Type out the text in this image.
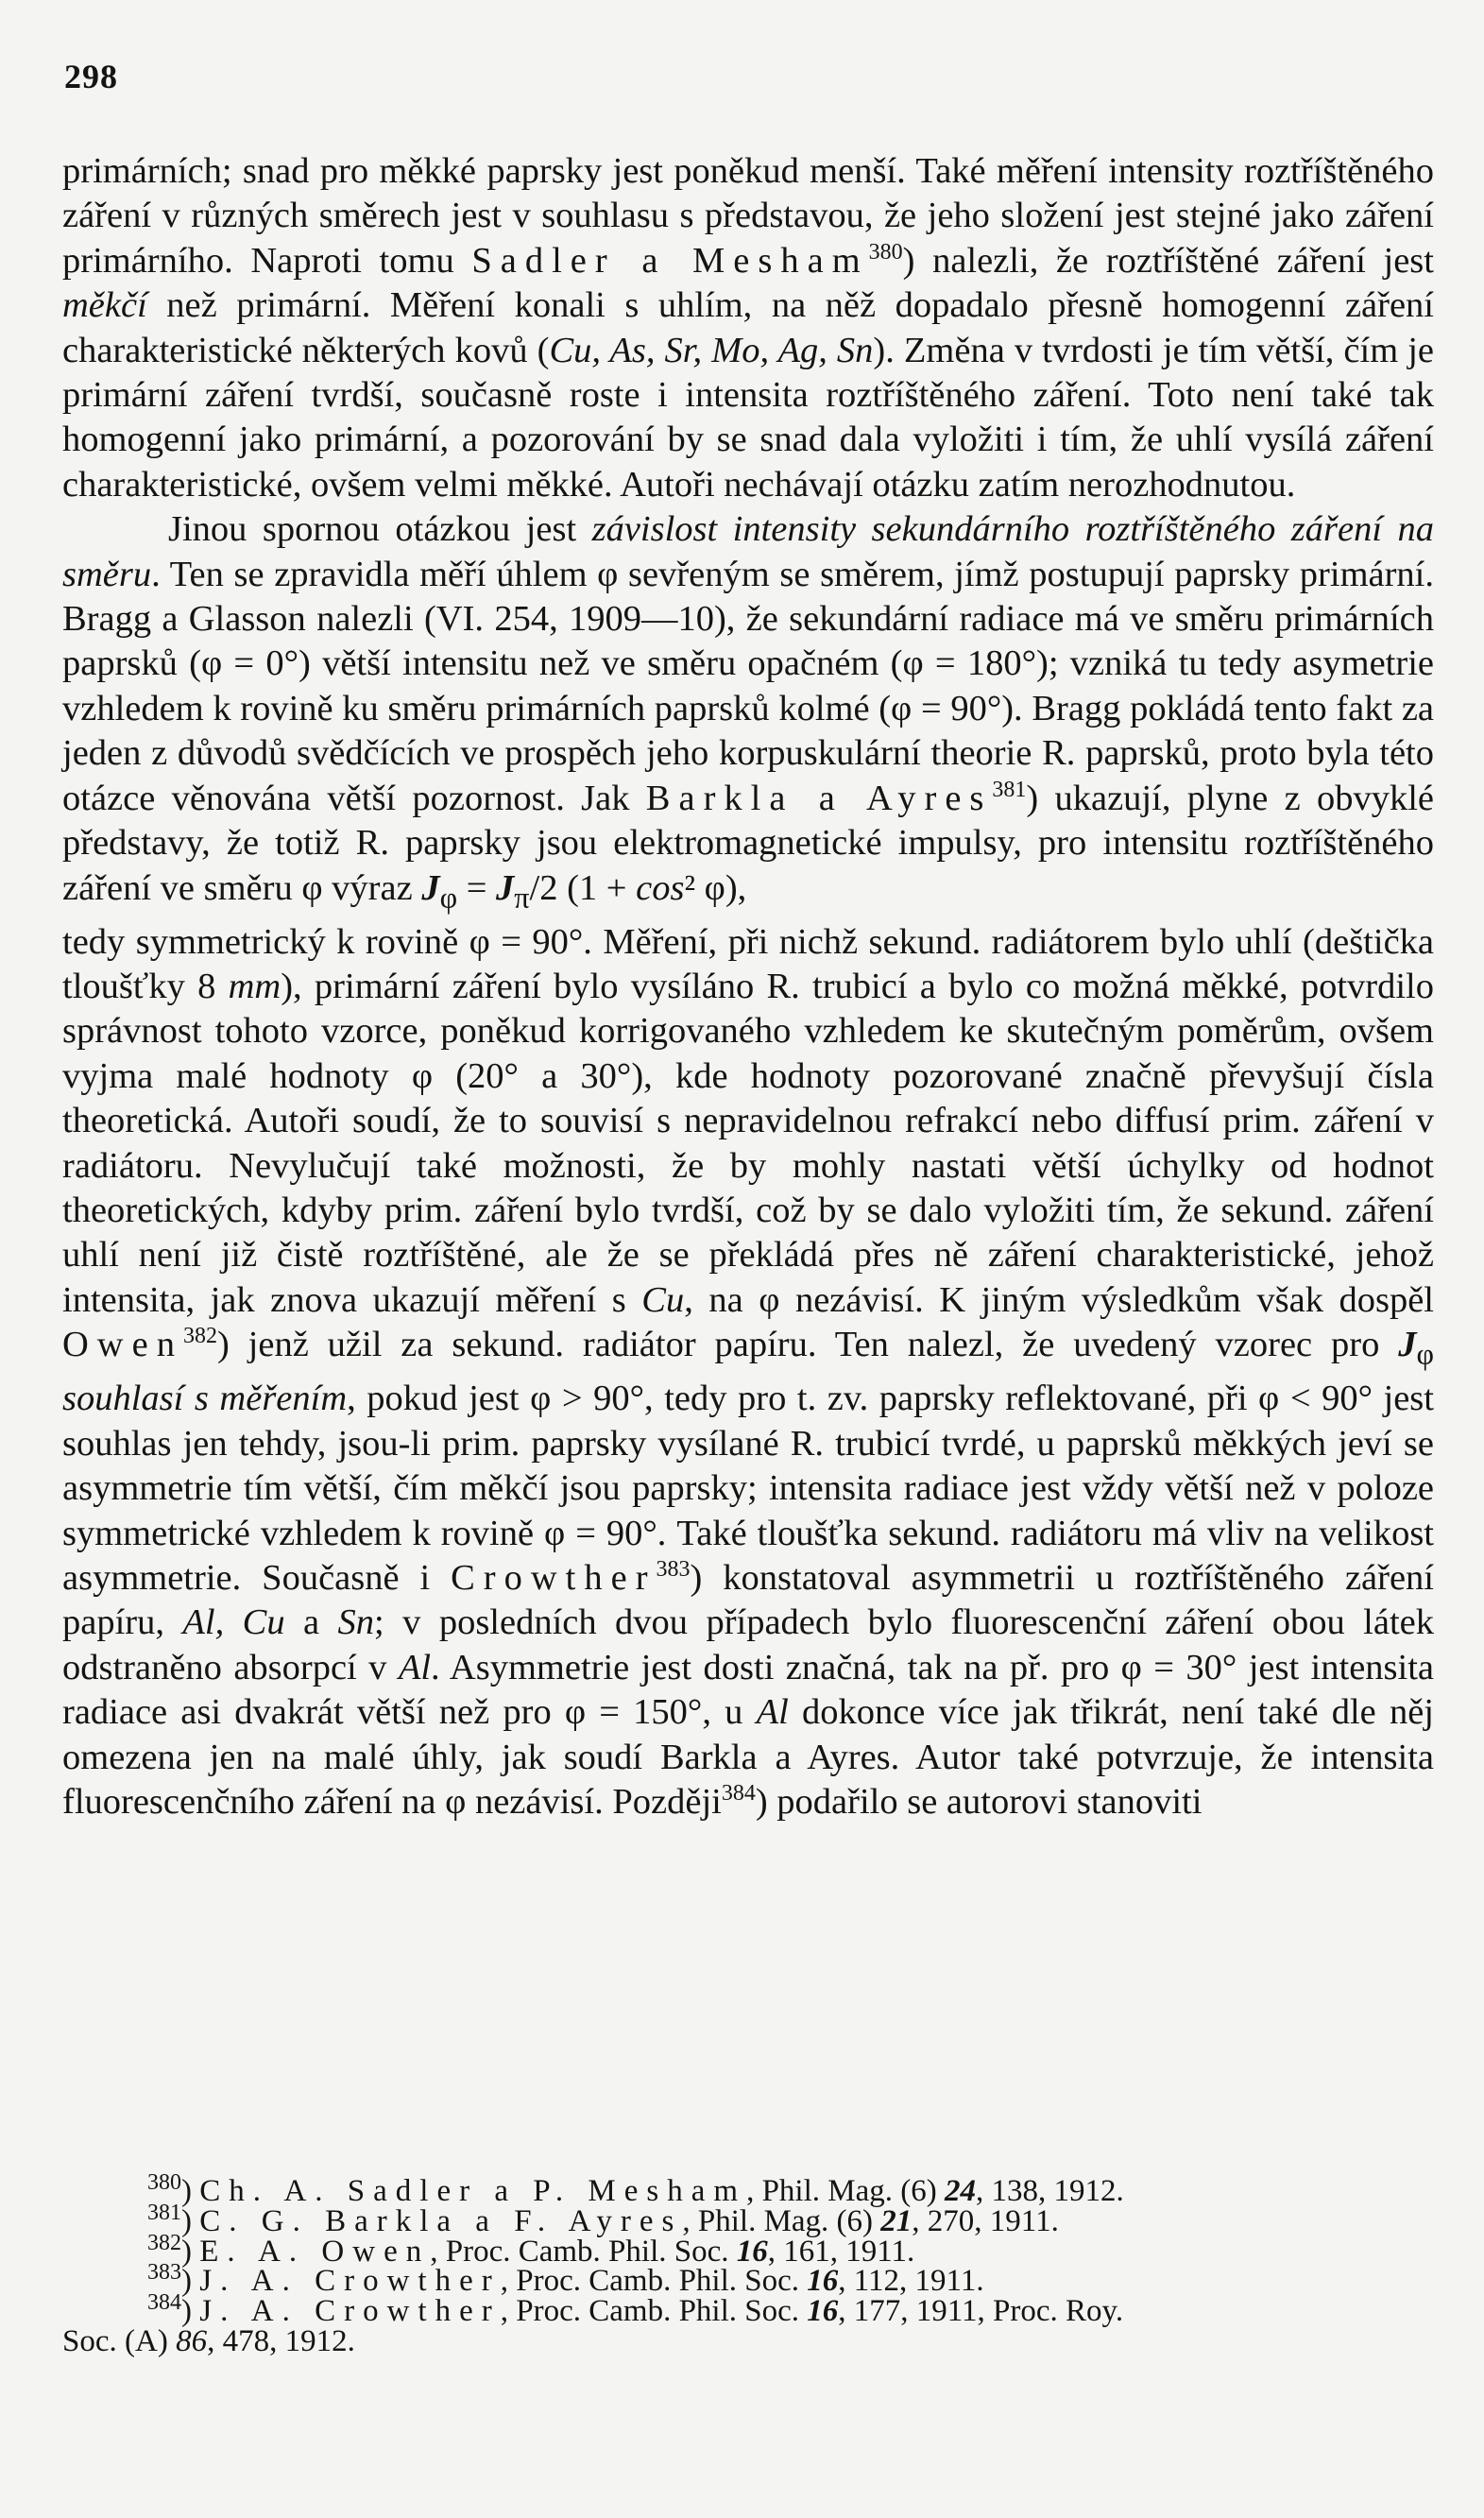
298

primárních; snad pro měkké paprsky jest poněkud menší. Také měření intensity roztříštěného záření v různých směrech jest v souhlasu s představou, že jeho složení jest stejné jako záření primárního. Naproti tomu Sadler a Mesham$^{380}$) nalezli, že roztříštěné záření jest měkčí než primární. Měření konali s uhlím, na něž dopadalo přesně homogenní záření charakteristické některých kovů (Cu, As, Sr, Mo, Ag, Sn). Změna v tvrdosti je tím větší, čím je primární záření tvrdší, současně roste i intensita roztříštěného záření. Toto není také tak homogenní jako primární, a pozorování by se snad dala vyložiti i tím, že uhlí vysílá záření charakteristické, ovšem velmi měkké. Autoři nechávají otázku zatím nerozhodnutou.

Jinou spornou otázkou jest závislost intensity sekundárního roztříštěného záření na směru. Ten se zpravidla měří úhlem φ sevřeným se směrem, jímž postupují paprsky primární. Bragg a Glasson nalezli (VI. 254, 1909—10), že sekundární radiace má ve směru primárních paprsků (φ = 0°) větší intensitu než ve směru opačném (φ = 180°); vzniká tu tedy asymetrie vzhledem k rovině ku směru primárních paprsků kolmé (φ = 90°). Bragg pokládá tento fakt za jeden z důvodů svědčících ve prospěch jeho korpuskulární theorie R. paprsků, proto byla této otázce věnována větší pozornost. Jak Barkla a Ayres$^{381}$) ukazují, plyne z obvyklé představy, že totiž R. paprsky jsou elektromagnetické impulsy, pro intensitu roztříštěného záření ve směru φ výraz $J_\varphi = J_\pi/2$ (1 + cos² φ),

tedy symmetrický k rovině φ = 90°. Měření, při nichž sekund. radiátorem bylo uhlí (deštička tloušťky 8 mm), primární záření bylo vysíláno R. trubicí a bylo co možná měkké, potvrdilo správnost tohoto vzorce, poněkud korrigovaného vzhledem ke skutečným poměrům, ovšem vyjma malé hodnoty φ (20° a 30°), kde hodnoty pozorované značně převyšují čísla theoretická. Autoři soudí, že to souvisí s nepravidelnou refrakcí nebo diffusí prim. záření v radiátoru. Nevylučují také možnosti, že by mohly nastati větší úchylky od hodnot theoretických, kdyby prim. záření bylo tvrdší, což by se dalo vyložiti tím, že sekund. záření uhlí není již čistě roztříštěné, ale že se překládá přes ně záření charakteristické, jehož intensita, jak znova ukazují měření s Cu, na φ nezávisí. K jiným výsledkům však dospěl Owen$^{382}$) jenž užil za sekund. radiátor papíru. Ten nalezl, že uvedený vzorec pro $J_\varphi$ souhlasí s měřením, pokud jest φ > 90°, tedy pro t. zv. paprsky reflektované, při φ < 90° jest souhlas jen tehdy, jsou-li prim. paprsky vysílané R. trubicí tvrdé, u paprsků měkkých jeví se asymmetrie tím větší, čím měkčí jsou paprsky; intensita radiace jest vždy větší než v poloze symmetrické vzhledem k rovině φ = 90°. Také tloušťka sekund. radiátoru má vliv na velikost asymmetrie. Současně i Crowther$^{383}$) konstatoval asymmetrii u roztříštěného záření papíru, Al, Cu a Sn; v posledních dvou případech bylo fluorescenční záření obou látek odstraněno absorpcí v Al. Asymmetrie jest dosti značná, tak na př. pro φ = 30° jest intensita radiace asi dvakrát větší než pro φ = 150°, u Al dokonce více jak třikrát, není také dle něj omezena jen na malé úhly, jak soudí Barkla a Ayres. Autor také potvrzuje, že intensita fluorescenčního záření na φ nezávisí. Později$^{384}$) podařilo se autorovi stanoviti

$^{380}$) Ch. A. Sadler a P. Mesham, Phil. Mag. (6) 24, 138, 1912.
$^{381}$) C. G. Barkla a F. Ayres, Phil. Mag. (6) 21, 270, 1911.
$^{382}$) E. A. Owen, Proc. Camb. Phil. Soc. 16, 161, 1911.
$^{383}$) J. A. Crowther, Proc. Camb. Phil. Soc. 16, 112, 1911.
$^{384}$) J. A. Crowther, Proc. Camb. Phil. Soc. 16, 177, 1911, Proc. Roy.
Soc. (A) 86, 478, 1912.
